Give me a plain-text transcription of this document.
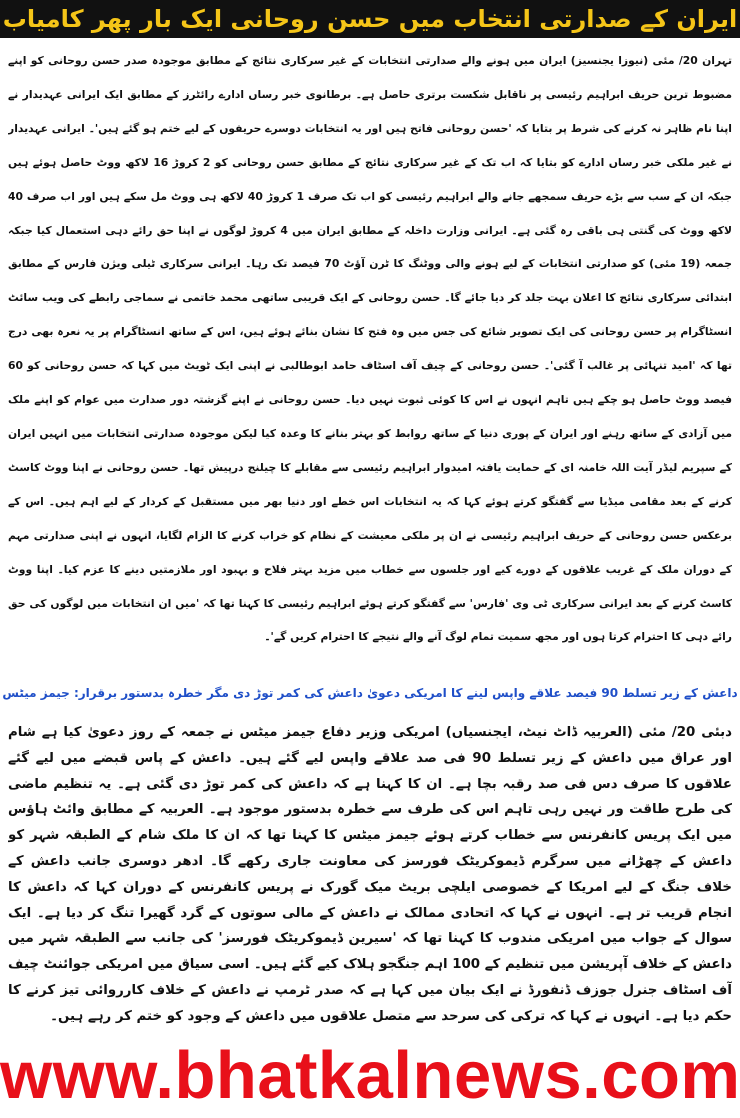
ایران کے صدارتی انتخاب میں حسن روحانی ایک بار پھر کامیاب

تہران 20/ مئی (نیوزا یجنسیز) ایران میں ہونے والے صدارتی انتخابات کے غیر سرکاری نتائج کے مطابق موجودہ صدر حسن روحانی کو اپنے مضبوط ترین حریف ابراہیم رئیسی پر ناقابل شکست برتری حاصل ہے۔ برطانوی خبر رساں ادارے رائٹرز کے مطابق ایک ایرانی عہدیدار نے اپنا نام ظاہر نہ کرنے کی شرط پر بتایا کہ 'حسن روحانی فاتح ہیں اور یہ انتخابات دوسرے حریفوں کے لیے ختم ہو گئے ہیں'۔ ایرانی عہدیدار نے غیر ملکی خبر رساں ادارے کو بتایا کہ اب تک کے غیر سرکاری نتائج کے مطابق حسن روحانی کو 2 کروڑ 16 لاکھ ووٹ حاصل ہوئے ہیں جبکہ ان کے سب سے بڑے حریف سمجھے جانے والے ابراہیم رئیسی کو اب تک صرف 1 کروڑ 40 لاکھ ہی ووٹ مل سکے ہیں اور اب صرف 40 لاکھ ووٹ کی گنتی ہی باقی رہ گئی ہے۔ ایرانی وزارت داخلہ کے مطابق ایران میں 4 کروڑ لوگوں نے اپنا حق رائے دہی استعمال کیا جبکہ جمعہ (19 مئی) کو صدارتی انتخابات کے لیے ہونے والی ووٹنگ کا ٹرن آؤٹ 70 فیصد تک رہا۔ ایرانی سرکاری ٹیلی ویژن فارس کے مطابق ابتدائی سرکاری نتائج کا اعلان بہت جلد کر دیا جائے گا۔ حسن روحانی کے ایک قریبی ساتھی محمد خاتمی نے سماجی رابطے کی ویب سائٹ انسٹاگرام پر حسن روحانی کی ایک تصویر شائع کی جس میں وہ فتح کا نشان بنائے ہوئے ہیں، اس کے ساتھ انسٹاگرام پر یہ نعرہ بھی درج تھا کہ 'امید تنہائی پر غالب آ گئی'۔ حسن روحانی کے چیف آف اسٹاف حامد ابوطالبی نے اپنی ایک ٹویٹ میں کہا کہ حسن روحانی کو 60 فیصد ووٹ حاصل ہو چکے ہیں تاہم انہوں نے اس کا کوئی ثبوت نہیں دیا۔ حسن روحانی نے اپنے گزشتہ دور صدارت میں عوام کو اپنے ملک میں آزادی کے ساتھ رہنے اور ایران کے پوری دنیا کے ساتھ روابط کو بہتر بنانے کا وعدہ کیا لیکن موجودہ صدارتی انتخابات میں انہیں ایران کے سپریم لیڈر آیت اللہ خامنہ ای کے حمایت یافتہ امیدوار ابراہیم رئیسی سے مقابلے کا چیلنج درپیش تھا۔ حسن روحانی نے اپنا ووٹ کاسٹ کرنے کے بعد مقامی میڈیا سے گفتگو کرتے ہوئے کہا کہ یہ انتخابات اس خطے اور دنیا بھر میں مستقبل کے کردار کے لیے اہم ہیں۔ اس کے برعکس حسن روحانی کے حریف ابراہیم رئیسی نے ان پر ملکی معیشت کے نظام کو خراب کرنے کا الزام لگایا، انہوں نے اپنی صدارتی مہم کے دوران ملک کے غریب علاقوں کے دورے کیے اور جلسوں سے خطاب میں مزید بہتر فلاح و بہبود اور ملازمتیں دینے کا عزم کیا۔ اپنا ووٹ کاسٹ کرنے کے بعد ایرانی سرکاری ٹی وی 'فارس' سے گفتگو کرتے ہوئے ابراہیم رئیسی کا کہنا تھا کہ 'میں ان انتخابات میں لوگوں کی حق رائے دہی کا احترام کرتا ہوں اور مجھ سمیت تمام لوگ آنے والے نتیجے کا احترام کریں گے'۔

داعش کے زیر تسلط 90 فیصد علاقے واپس لینے کا امریکی دعویٰ داعش کی کمر توڑ دی مگر خطرہ بدستور برقرار: جیمز میٹس

دبئی 20/ مئی (العربیہ ڈاٹ نیٹ، ایجنسیاں) امریکی وزیر دفاع جیمز میٹس نے جمعہ کے روز دعویٰ کیا ہے شام اور عراق میں داعش کے زیر تسلط 90 فی صد علاقے واپس لیے گئے ہیں۔ داعش کے پاس قبضے میں لیے گئے علاقوں کا صرف دس فی صد رقبہ بچا ہے۔ ان کا کہنا ہے کہ داعش کی کمر توڑ دی گئی ہے۔ یہ تنظیم ماضی کی طرح طاقت ور نہیں رہی تاہم اس کی طرف سے خطرہ بدستور موجود ہے۔ العربیہ کے مطابق وائٹ ہاؤس میں ایک پریس کانفرنس سے خطاب کرتے ہوئے جیمز میٹس کا کہنا تھا کہ ان کا ملک شام کے الطبقہ شہر کو داعش کے چھڑانے میں سرگرم ڈیموکریٹک فورسز کی معاونت جاری رکھے گا۔ ادھر دوسری جانب داعش کے خلاف جنگ کے لیے امریکا کے خصوصی ایلچی بریٹ میک گورک نے پریس کانفرنس کے دوران کہا کہ داعش کا انجام قریب تر ہے۔ انہوں نے کہا کہ اتحادی ممالک نے داعش کے مالی سوتوں کے گرد گھیرا تنگ کر دیا ہے۔ ایک سوال کے جواب میں امریکی مندوب کا کہنا تھا کہ 'سیرین ڈیموکریٹک فورسز' کی جانب سے الطبقہ شہر میں داعش کے خلاف آپریشن میں تنظیم کے 100 اہم جنگجو ہلاک کیے گئے ہیں۔ اسی سیاق میں امریکی جوائنٹ چیف آف اسٹاف جنرل جوزف ڈنفورڈ نے ایک بیان میں کہا ہے کہ صدر ٹرمپ نے داعش کے خلاف کارروائی تیز کرنے کا حکم دیا ہے۔ انہوں نے کہا کہ ترکی کی سرحد سے متصل علاقوں میں داعش کے وجود کو ختم کر رہے ہیں۔

www.bhatkalnews.com
